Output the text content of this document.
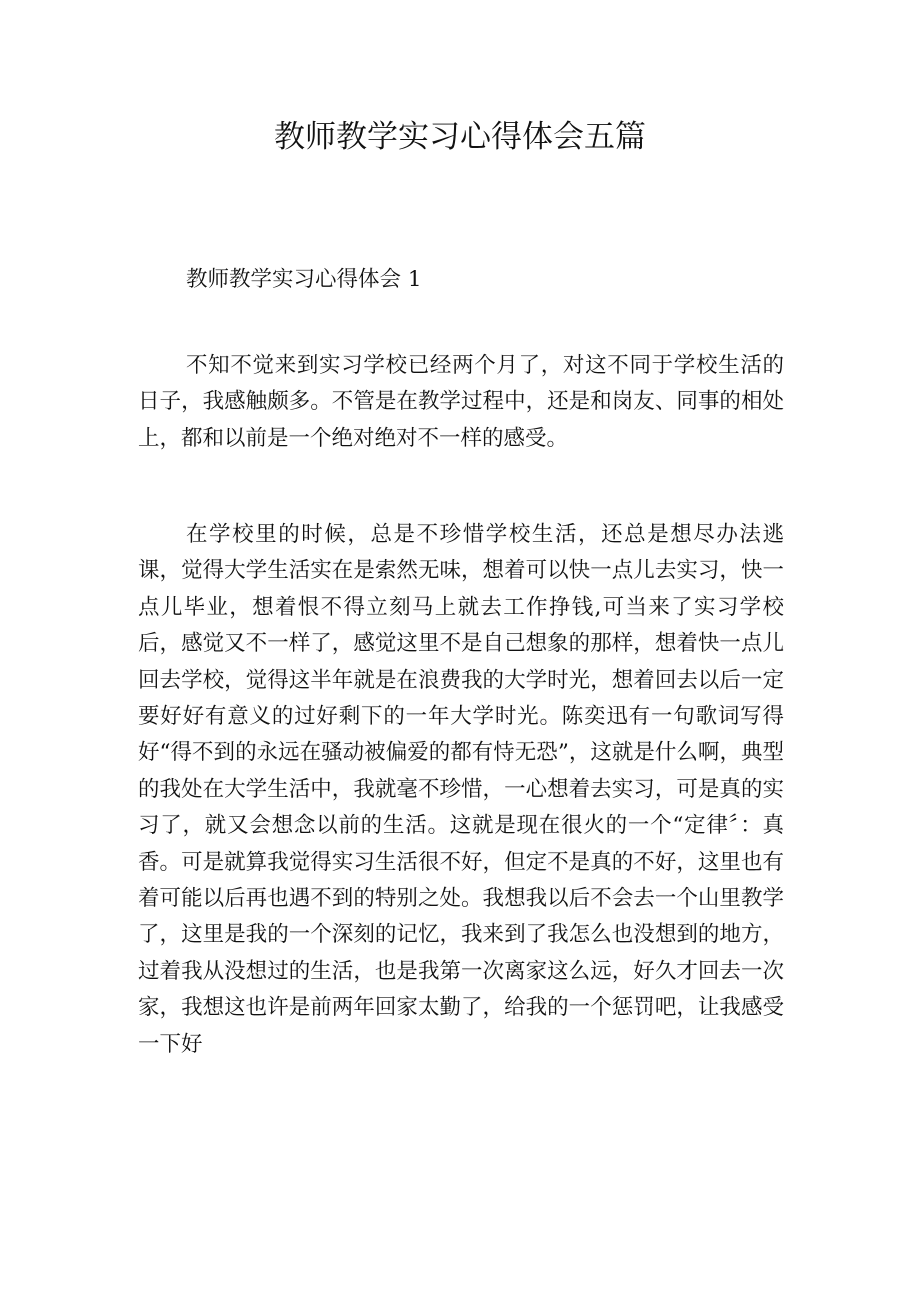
教师教学实习心得体会五篇
教师教学实习心得体会 1

不知不觉来到实习学校已经两个月了，对这不同于学校生活的日子，我感触颇多。不管是在教学过程中，还是和岗友、同事的相处上，都和以前是一个绝对绝对不一样的感受。

在学校里的时候，总是不珍惜学校生活，还总是想尽办法逃课，觉得大学生活实在是索然无味，想着可以快一点儿去实习，快一点儿毕业，想着恨不得立刻马上就去工作挣钱,可当来了实习学校后，感觉又不一样了，感觉这里不是自己想象的那样，想着快一点儿回去学校，觉得这半年就是在浪费我的大学时光，想着回去以后一定要好好有意义的过好剩下的一年大学时光。陈奕迅有一句歌词写得好“得不到的永远在骚动被偏爱的都有恃无恐”，这就是什么啊，典型的我处在大学生活中，我就毫不珍惜，一心想着去实习，可是真的实习了，就又会想念以前的生活。这就是现在很火的一个“定律〞：真香。可是就算我觉得实习生活很不好，但定不是真的不好，这里也有着可能以后再也遇不到的特别之处。我想我以后不会去一个山里教学了，这里是我的一个深刻的记忆，我来到了我怎么也没想到的地方，过着我从没想过的生活，也是我第一次离家这么远，好久才回去一次家，我想这也许是前两年回家太勤了，给我的一个惩罚吧，让我感受一下好
